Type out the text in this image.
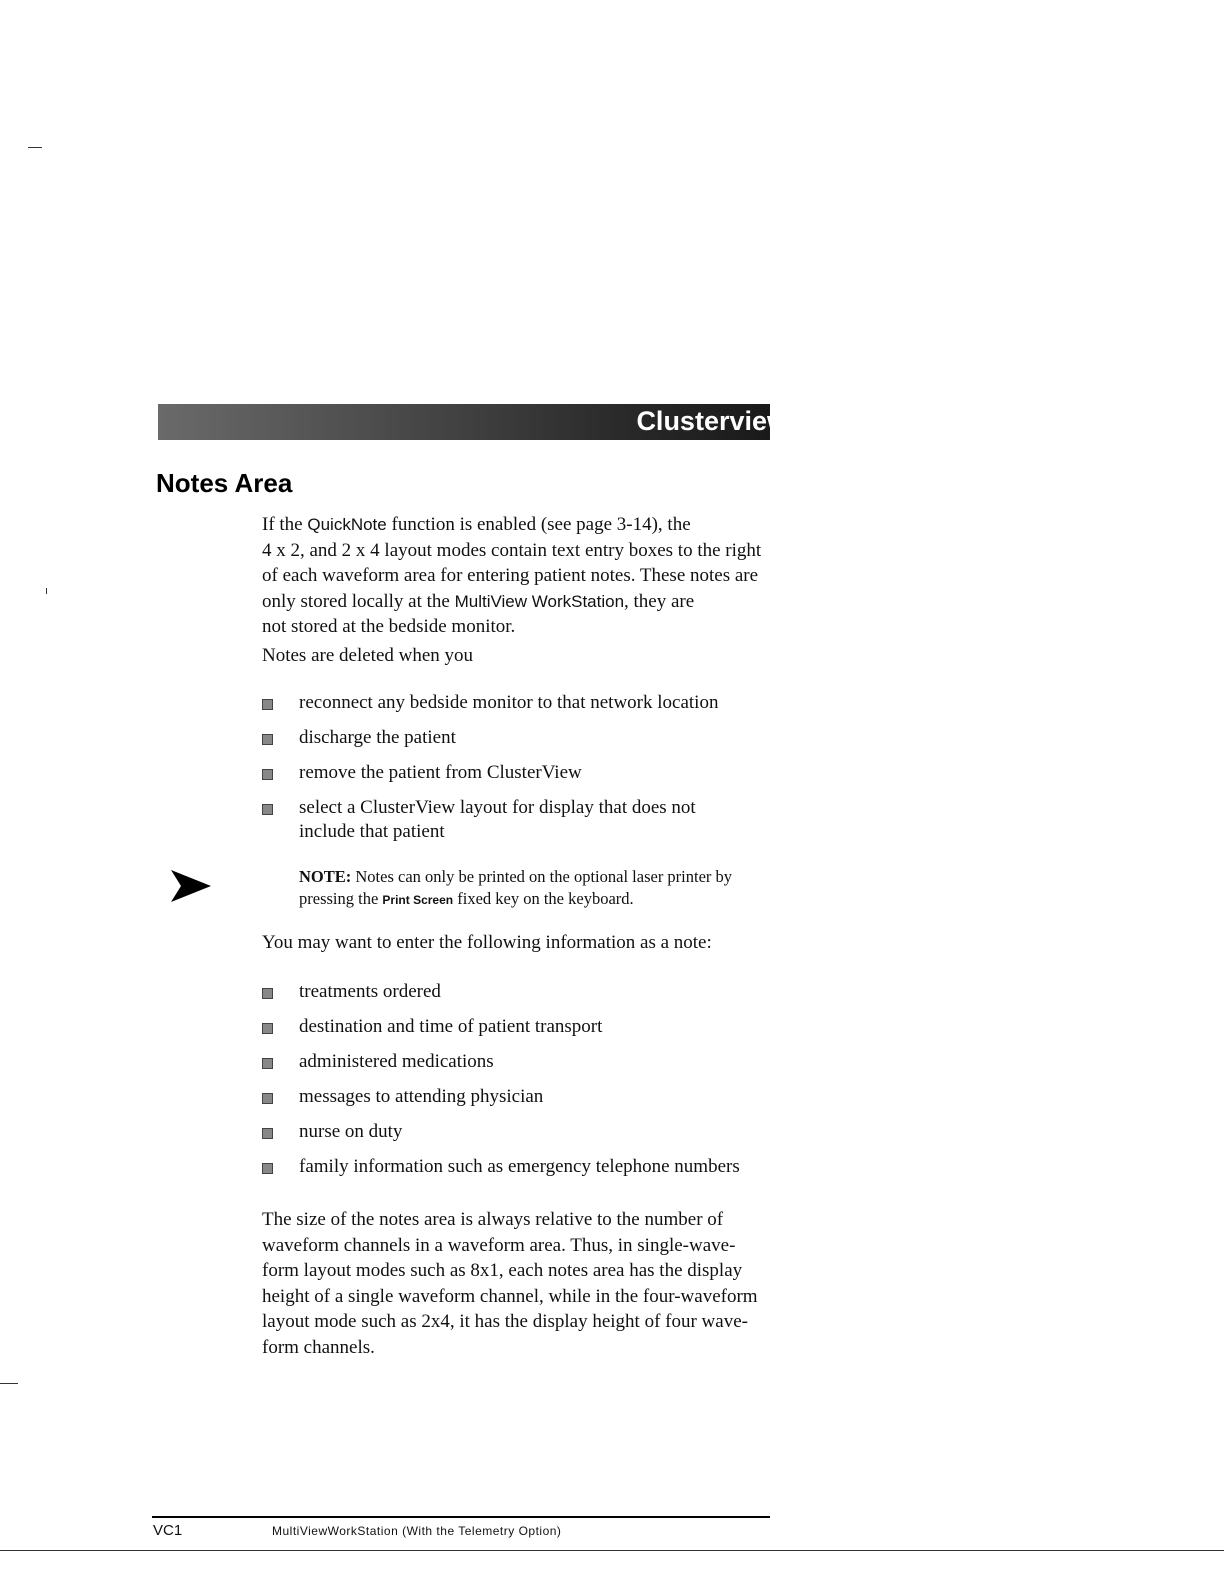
Clusterview
Notes Area

If the QuickNote function is enabled (see page 3-14), the
4 x 2, and 2 x 4 layout modes contain text entry boxes to the right
of each waveform area for entering patient notes. These notes are
only stored locally at the MultiView WorkStation, they are
not stored at the bedside monitor.

Notes are deleted when you

reconnect any bedside monitor to that network location
discharge the patient
remove the patient from ClusterView
select a ClusterView layout for display that does not
include that patient

NOTE: Notes can only be printed on the optional laser printer by
pressing the Print Screen fixed key on the keyboard.

You may want to enter the following information as a note:

treatments ordered
destination and time of patient transport
administered medications
messages to attending physician
nurse on duty
family information such as emergency telephone numbers

The size of the notes area is always relative to the number of
waveform channels in a waveform area. Thus, in single-wave-
form layout modes such as 8x1, each notes area has the display
height of a single waveform channel, while in the four-waveform
layout mode such as 2x4, it has the display height of four wave-
form channels.

VC1	MultiViewWorkStation (With the Telemetry Option)
